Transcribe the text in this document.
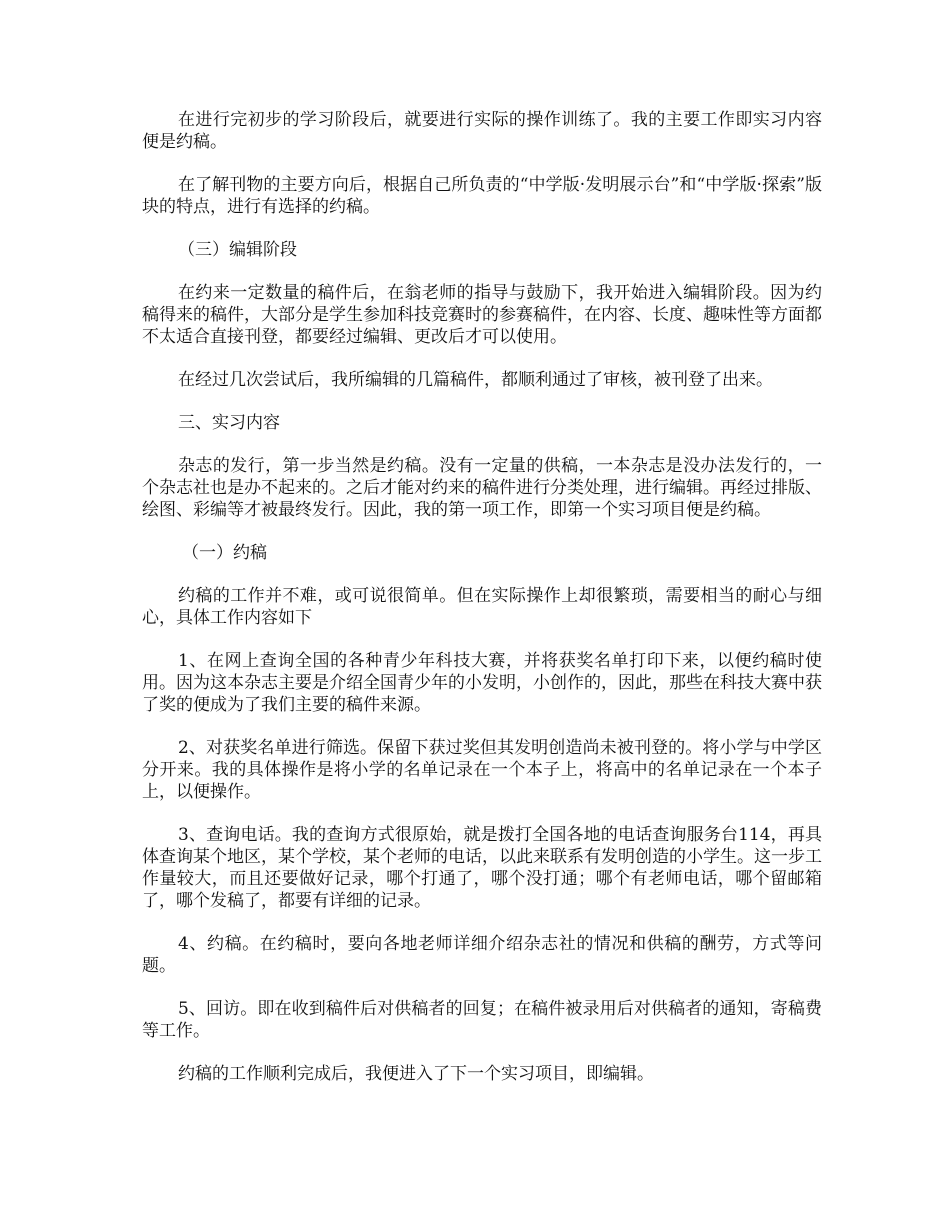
在进行完初步的学习阶段后，就要进行实际的操作训练了。我的主要工作即实习内容便是约稿。

在了解刊物的主要方向后，根据自己所负责的“中学版·发明展示台”和“中学版·探索”版块的特点，进行有选择的约稿。

（三）编辑阶段

在约来一定数量的稿件后，在翁老师的指导与鼓励下，我开始进入编辑阶段。因为约稿得来的稿件，大部分是学生参加科技竞赛时的参赛稿件，在内容、长度、趣味性等方面都不太适合直接刊登，都要经过编辑、更改后才可以使用。

在经过几次尝试后，我所编辑的几篇稿件，都顺利通过了审核，被刊登了出来。

三、实习内容

杂志的发行，第一步当然是约稿。没有一定量的供稿，一本杂志是没办法发行的，一个杂志社也是办不起来的。之后才能对约来的稿件进行分类处理，进行编辑。再经过排版、绘图、彩编等才被最终发行。因此，我的第一项工作，即第一个实习项目便是约稿。

（一）约稿

约稿的工作并不难，或可说很简单。但在实际操作上却很繁琐，需要相当的耐心与细心，具体工作内容如下

1、在网上查询全国的各种青少年科技大赛，并将获奖名单打印下来，以便约稿时使用。因为这本杂志主要是介绍全国青少年的小发明，小创作的，因此，那些在科技大赛中获了奖的便成为了我们主要的稿件来源。

2、对获奖名单进行筛选。保留下获过奖但其发明创造尚未被刊登的。将小学与中学区分开来。我的具体操作是将小学的名单记录在一个本子上，将高中的名单记录在一个本子上，以便操作。

3、查询电话。我的查询方式很原始，就是拨打全国各地的电话查询服务台114，再具体查询某个地区，某个学校，某个老师的电话，以此来联系有发明创造的小学生。这一步工作量较大，而且还要做好记录，哪个打通了，哪个没打通；哪个有老师电话，哪个留邮箱了，哪个发稿了，都要有详细的记录。

4、约稿。在约稿时，要向各地老师详细介绍杂志社的情况和供稿的酬劳，方式等问题。

5、回访。即在收到稿件后对供稿者的回复；在稿件被录用后对供稿者的通知，寄稿费等工作。

约稿的工作顺利完成后，我便进入了下一个实习项目，即编辑。
